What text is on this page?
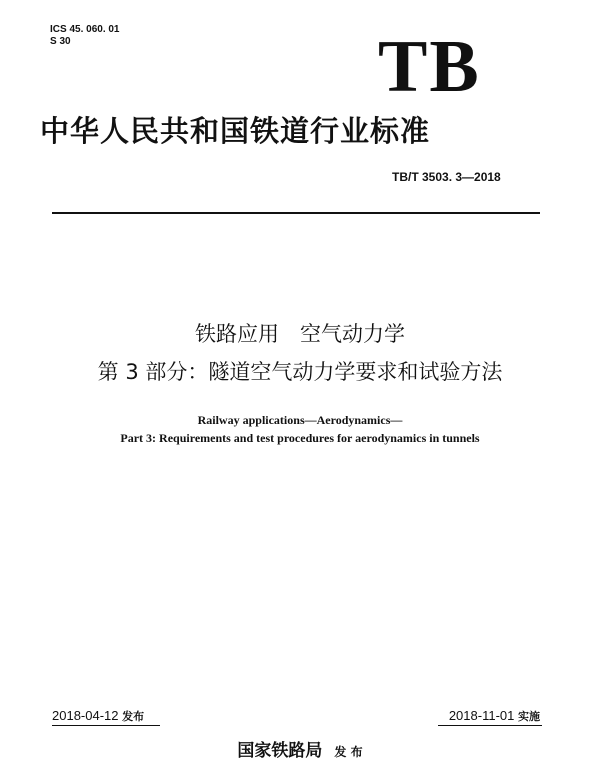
ICS 45. 060. 01
S 30	TB
中华人民共和国铁道行业标准
TB/T 3503. 3—2018
铁路应用　空气动力学
第 3 部分：隧道空气动力学要求和试验方法
Railway applications—Aerodynamics—
Part 3: Requirements and test procedures for aerodynamics in tunnels
2018-04-12 发布	2018-11-01 实施
国家铁路局 发 布
